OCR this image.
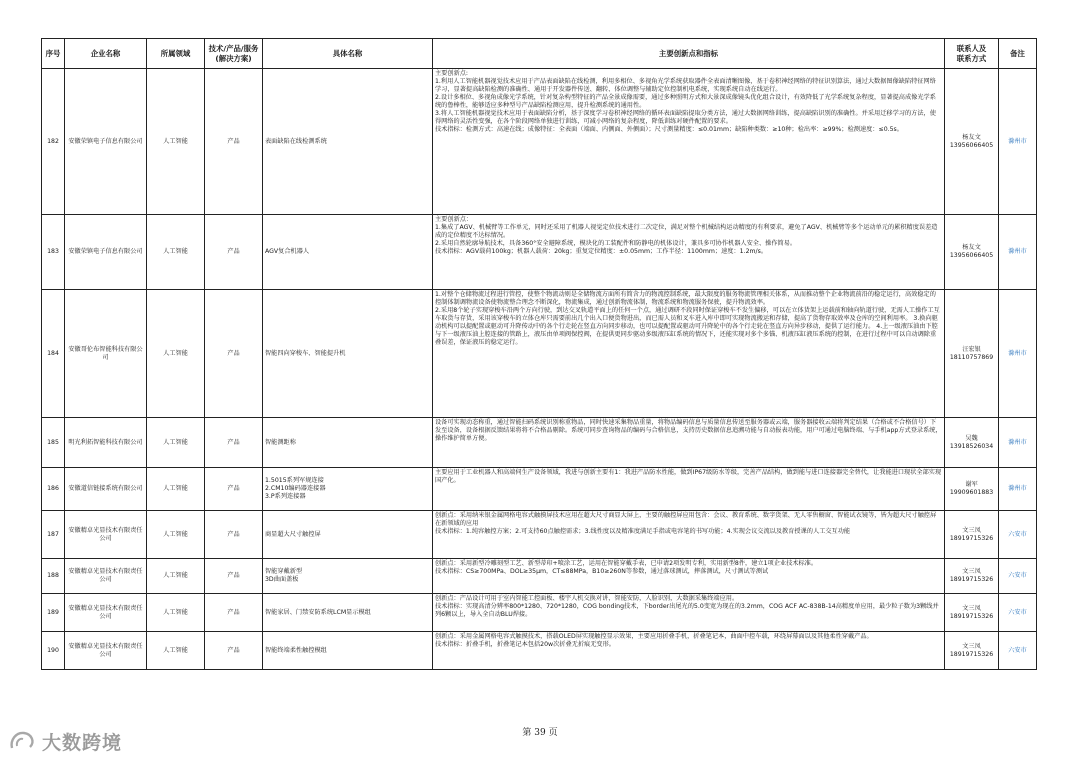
序号	企业名称	所属领域	技术/产品/服务
(解决方案)	具体名称	主要创新点和指标	联系人及
联系方式	备注
182	安徽荣镇电子信息有限公司	人工智能	产品	表面缺陷在线检测系统	主要创新点:
1.利用人工智能机器视觉技术应用于产品表面缺陷在线检测，利用多相位、多视角光学系统获取器件全表面清晰图像，基于卷积神经网络的特征识别算法，通过大数据图像缺陷特征网络学习，显著提高缺陷检测的准确性、通用于开发器件传送、翻转、体位调整与辅助定位控制机电系统，实现系统自动在线运行。
2.设计多相位、多视角成像光学系统，针对复杂构型特征的产品全景成像需要，通过多种照明方式和大景深成像镜头优化组合设计，有效降低了光学系统复杂程度，显著提高成像光学系统的鲁棒性，能够适应多种型号产品缺陷检测应用，提升检测系统的通用性。
3.将人工智能机器视觉技术应用于表面缺陷分析，基于深度学习卷积神经网络的循环表面缺陷提取分类方法，通过大数据网络训练，提高缺陷识别的准确性。并采用迁移学习的方法，使得网络的灵活性变强，在各个阶段网络单独进行训练，可减小网络的复杂程度，降低训练对硬件配置的要求。
技术指标：检测方式：高速在线；成像特征：全表面（端面、内侧面、外侧面）；尺寸测量精度：≤0.01mm；缺陷种类数：≥10种；检出率：≥99%；检测速度：≤0.5s。	杨友文
13956066405	滁州市
183	安徽荣镇电子信息有限公司	人工智能	产品	AGV复合机器人	主要创新点：
1.集成了AGV、机械臂等工作单元，同时还采用了机器人视觉定位技术进行二次定位，满足对整个机械结构运动精度的有利要求，避免了AGV、机械臂等多个运动单元的累积精度误差造成的定位精度不达标情况。
2.采用自然轮廓导航技术，具备360°安全避障系统，模块化的工装配件和防静电的机体设计，兼具多可协作机器人安全、操作简易。
技术指标：AGV载荷100kg；机器人载荷：20kg；重复定位精度：±0.05mm；工作半径：1100mm；速度：1.2m/s。	杨友文
13956066405	滁州市
184	安徽哥伦布智能科技有限公司	人工智能	产品	智能四向穿梭车、智能提升机	1.对整个仓储物流过程进行管控，使整个物流动则是全储物流方面所有简含力的物流控制系统，最大限度的服务物流管理相关体系，从而推动整个企业物流前沿的稳定运行，高效稳定的控制体制调物流设备使物流整合理念不断深化，物流集成，通过创新物流体制，物流系统和物流服务保驶，提升物流效率。
2.采用8个轮子实现穿梭车沿两个方向行驶，到达交叉轨道平面上的任何一个点，通过调研不段同时保证穿梭车不发生偏移，可以在立体货架上运载前和轴向轨道行驶，无需人工操作工互车取货与存货，采用该穿梭车的立体仓库只需要前出几个出入口便货物进出，而已需人员和叉车进入库中即可实现物流搬运和存储，提高了货物存取效率及仓库的空间利用率。 3.换向驱动机构可以提配置或驱动可升降传动中的各个行走轮在竖直方向同步移动，也可以提配置或驱动可升降轮中的各个行走轮在竖直方向异步移动，提供了运行能力。 4.上一级液压油由下腔与下一级液压油上腔连接的管路上，液压由单项阀保控阀，在提供更同步驱动多级液压缸系统的情况下，还能实现对多个多锚、机液压缸液压系统的控制，在进行过程中可以自动调除重叠误差，保证液压的稳定运行。	汪宏银
18110757869	滁州市
185	明光利拓智能科技有限公司	人工智能	产品	智能测距称	设备可实现动态称重，通过智能扫码系统识别称重物品，同时快速采集物品重量，将物品编码信息与质量信息传送至服务器或云端，服务器接收云端将判定结果（合格或不合格信号）下发至设备，设备根据反馈结果将将不合格品剔除。系统可同步查询物品的编码与合格信息，支持历史数据信息追溯功能与自动报表功能，用户可通过电脑终端、与手机app方式登录系统，操作维护简单方便。	吴魏
13918526034	滁州市
186	安徽道信链接系统有限公司	人工智能	产品	1.5015系列军规连接
2.CM10编码器连接器
3.P系列连接器	主要应用于工业机器人和高端伺生产设备领域，我进与创新主要有1：我进产品防水性能，做到IP67级防水等级，完善产品结构，做到能与进口连接器完全替代，让我能进口现状全部实现国产化。	谢军
19909601883	滁州市
187	安徽精卓光显技术有限责任公司	人工智能	产品	商显超大尺寸触控屏	创新点：采用纳米银金属网格电容式触摸屏技术应用在超大尺寸商显大屏上，主要的触控屏应用包含：会议、教育系统、数字货架、无人零售橱窗、智能试衣镜等，皆为超大尺寸触控屏在新领域的应用
技术指标：1.纯容触控方案；2.可支持60点触控需求；3.线性度以及精准度满足手指或电容笔的书写功能；4.实现会议交流以及教育授课的人工交互功能	文三凤
18919715326	六安市
188	安徽精卓光显技术有限责任公司	人工智能	产品	智能穿戴新型
3D曲面盖板	创新点：采用新型冷雕刻型工艺、新型蒂印+喷涂工艺，运用在智能穿戴手表，已申请2项发明专利，实用新型8件，建立1项企业技术标准。
技术指标：CS≥700MPa、DOL≥35μm，CT≤88MPa，B10≥260N等参数，通过落球测试，摔落测试，尺寸测试等测试	文三凤
18919715326	六安市
189	安徽精卓光显技术有限责任公司	人工智能	产品	智能家居、门禁安防系统LCM显示模组	创新点：产品设计可用于室内智能工控面板、楼宇人机交换对讲，智能安防，人脸识别，大数据采集终端应用。
技术指标：实现高清分辨率800*1280、720*1280，COG bonding技术，下border出尾光的5.0变宽为现在的3.2mm，COG ACF AC-838B-14高精度单应用，最少粒子数为3颗线并列6颗以上，导入全自动BLU焊接。	文三凤
18919715326	六安市
190	安徽精卓光显技术有限责任公司	人工智能	产品	智能终端柔性触控模组	创新点：采用金属网格电容式触摸技术，搭载OLED屏实现触控显示效果，主要应用折叠手机，折叠笔记本，曲面中控车载，环绕屏幕面以及其他柔性穿戴产品。
技术指标：折叠手机，折叠笔记本包括20w次折叠无折痕无变形。	文三凤
18919715326	六安市
大数跨境	第 39 页
